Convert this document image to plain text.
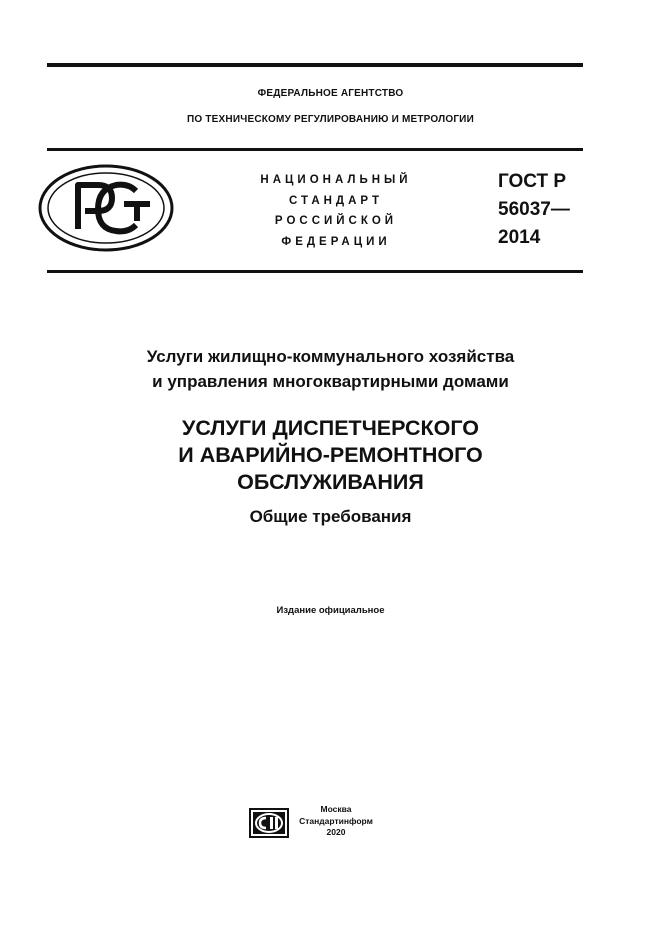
ФЕДЕРАЛЬНОЕ АГЕНТСТВО
ПО ТЕХНИЧЕСКОМУ РЕГУЛИРОВАНИЮ И МЕТРОЛОГИИ
НАЦИОНАЛЬНЫЙ
СТАНДАРТ
РОССИЙСКОЙ
ФЕДЕРАЦИИ
ГОСТ Р
56037—
2014
Услуги жилищно-коммунального хозяйства
и управления многоквартирными домами
УСЛУГИ ДИСПЕТЧЕРСКОГО
И АВАРИЙНО-РЕМОНТНОГО
ОБСЛУЖИВАНИЯ
Общие требования
Издание официальное
Москва
Стандартинформ
2020
